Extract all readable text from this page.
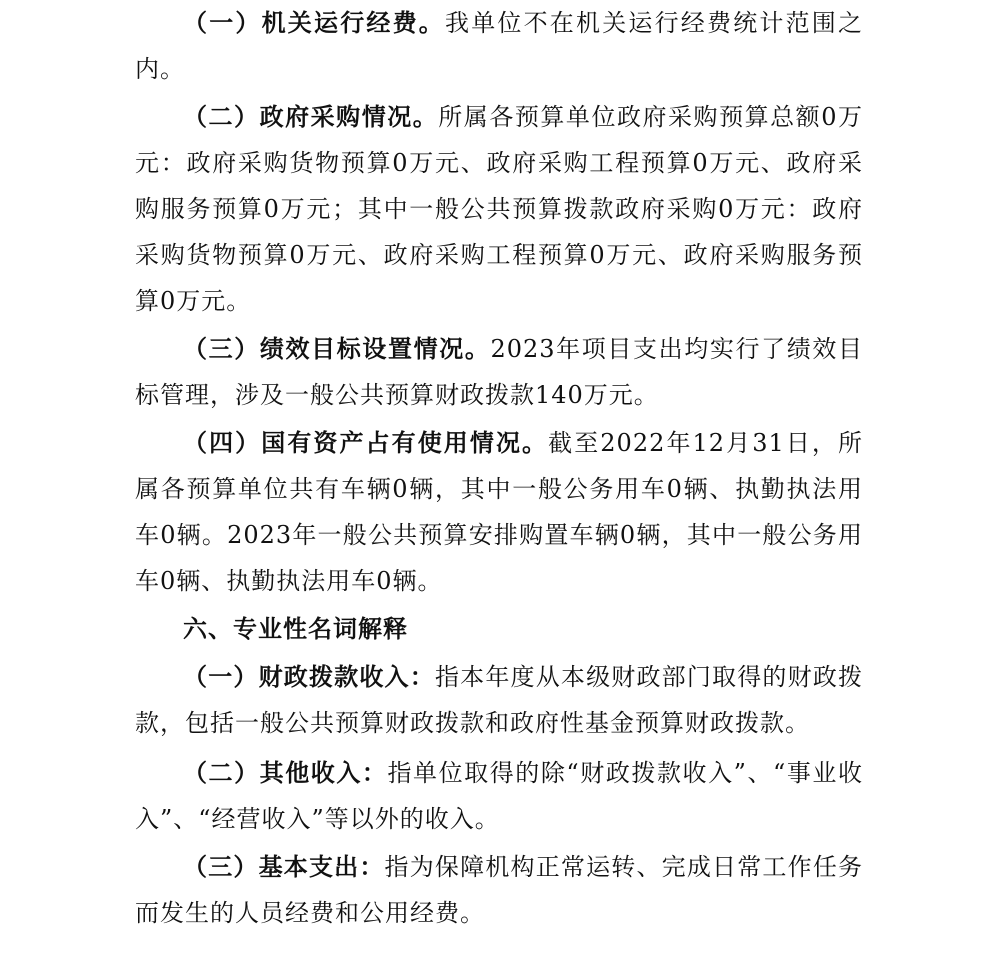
（一）机关运行经费。我单位不在机关运行经费统计范围之内。

（二）政府采购情况。所属各预算单位政府采购预算总额0万元：政府采购货物预算0万元、政府采购工程预算0万元、政府采购服务预算0万元；其中一般公共预算拨款政府采购0万元：政府采购货物预算0万元、政府采购工程预算0万元、政府采购服务预算0万元。

（三）绩效目标设置情况。2023年项目支出均实行了绩效目标管理，涉及一般公共预算财政拨款140万元。

（四）国有资产占有使用情况。截至2022年12月31日，所属各预算单位共有车辆0辆，其中一般公务用车0辆、执勤执法用车0辆。2023年一般公共预算安排购置车辆0辆，其中一般公务用车0辆、执勤执法用车0辆。

六、专业性名词解释

（一）财政拨款收入：指本年度从本级财政部门取得的财政拨款，包括一般公共预算财政拨款和政府性基金预算财政拨款。

（二）其他收入：指单位取得的除“财政拨款收入”、“事业收入”、“经营收入”等以外的收入。

（三）基本支出：指为保障机构正常运转、完成日常工作任务而发生的人员经费和公用经费。
